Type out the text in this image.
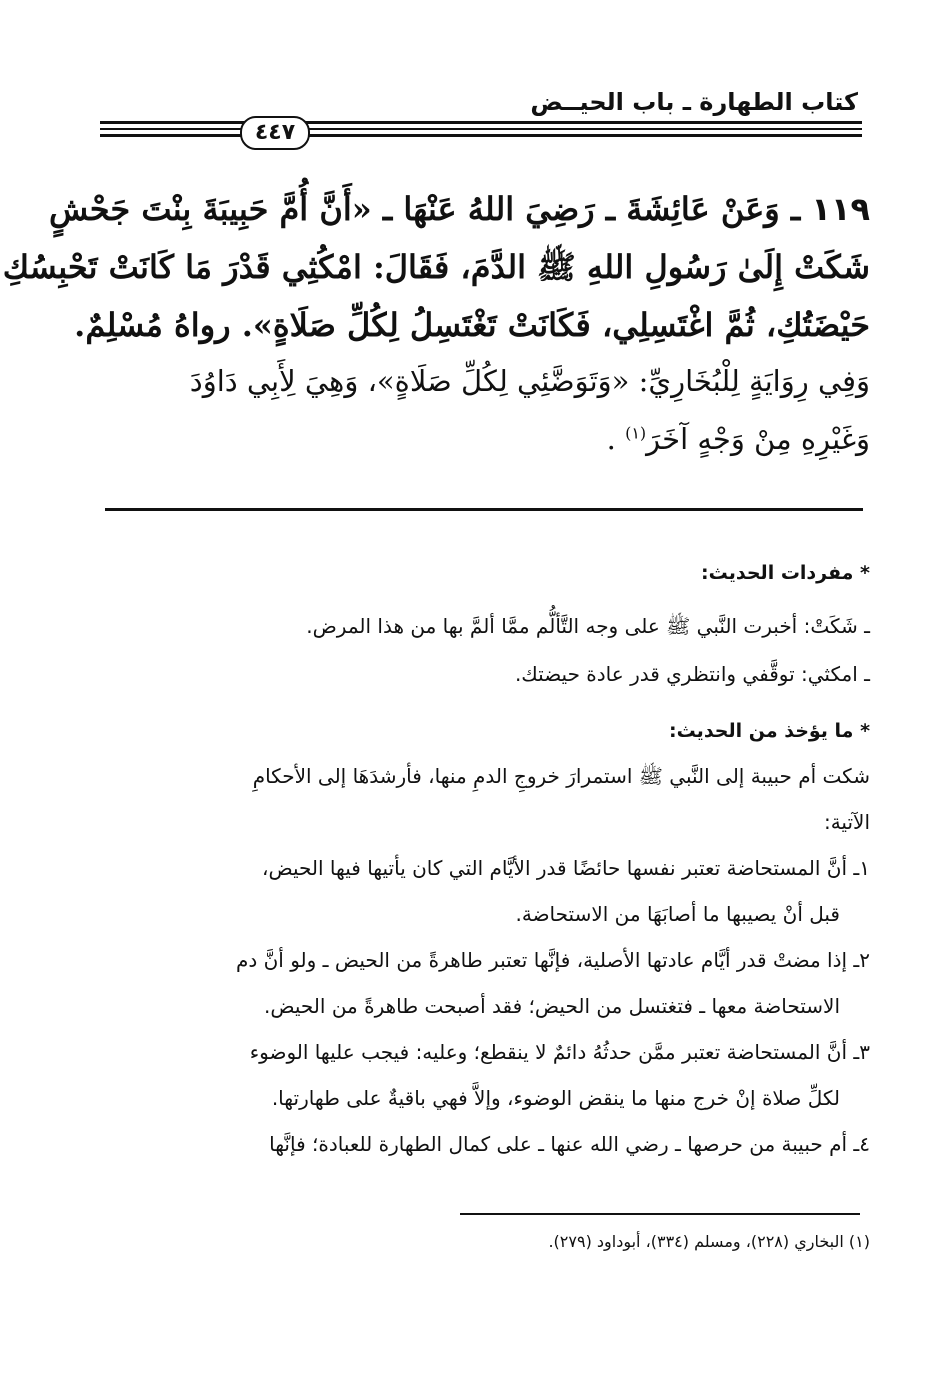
كتاب الطهارة ـ باب الحيــض
٤٤٧
١١٩ ـ وَعَنْ عَائِشَةَ ـ رَضِيَ اللهُ عَنْهَا ـ «أَنَّ أُمَّ حَبِيبَةَ بِنْتَ جَحْشٍ
شَكَتْ إِلَىٰ رَسُولِ اللهِ ﷺ الدَّمَ، فَقَالَ: امْكُثِي قَدْرَ مَا كَانَتْ تَحْبِسُكِ
حَيْضَتُكِ، ثُمَّ اغْتَسِلِي، فَكَانَتْ تَغْتَسِلُ لِكُلِّ صَلَاةٍ». رواهُ مُسْلِمٌ.
وَفِي رِوَايَةٍ لِلْبُخَارِيِّ: «وَتَوَضَّئِي لِكُلِّ صَلَاةٍ»، وَهِيَ لِأَبِي دَاوُدَ
وَغَيْرِهِ مِنْ وَجْهٍ آخَرَ$^{(١)}$ .
* مفردات الحديث:
ـ شَكَتْ: أخبرت النَّبي ﷺ على وجه التَّألُّم ممَّا ألمَّ بها من هذا المرض.
ـ امكثي: توقَّفي وانتظري قدر عادة حيضتك.
* ما يؤخذ من الحديث:
شكت أم حبيبة إلى النَّبي ﷺ استمرارَ خروجِ الدمِ منها، فأرشدَهَا إلى الأحكامِ
الآتية:
١ـ أنَّ المستحاضة تعتبر نفسها حائضًا قدر الأيَّام التي كان يأتيها فيها الحيض،
قبل أنْ يصيبها ما أصابَهَا من الاستحاضة.
٢ـ إذا مضتْ قدر أيَّام عادتها الأصلية، فإنَّها تعتبر طاهرةً من الحيض ـ ولو أنَّ دم
الاستحاضة معها ـ فتغتسل من الحيض؛ فقد أصبحت طاهرةً من الحيض.
٣ـ أنَّ المستحاضة تعتبر ممَّن حدثُهُ دائمٌ لا ينقطع؛ وعليه: فيجب عليها الوضوء
لكلِّ صلاة إنْ خرج منها ما ينقض الوضوء، وإلاَّ فهي باقيةٌ على طهارتها.
٤ـ أم حبيبة من حرصها ـ رضي الله عنها ـ على كمال الطهارة للعبادة؛ فإنَّها
(١) البخاري (٢٢٨)، ومسلم (٣٣٤)، أبوداود (٢٧٩).
